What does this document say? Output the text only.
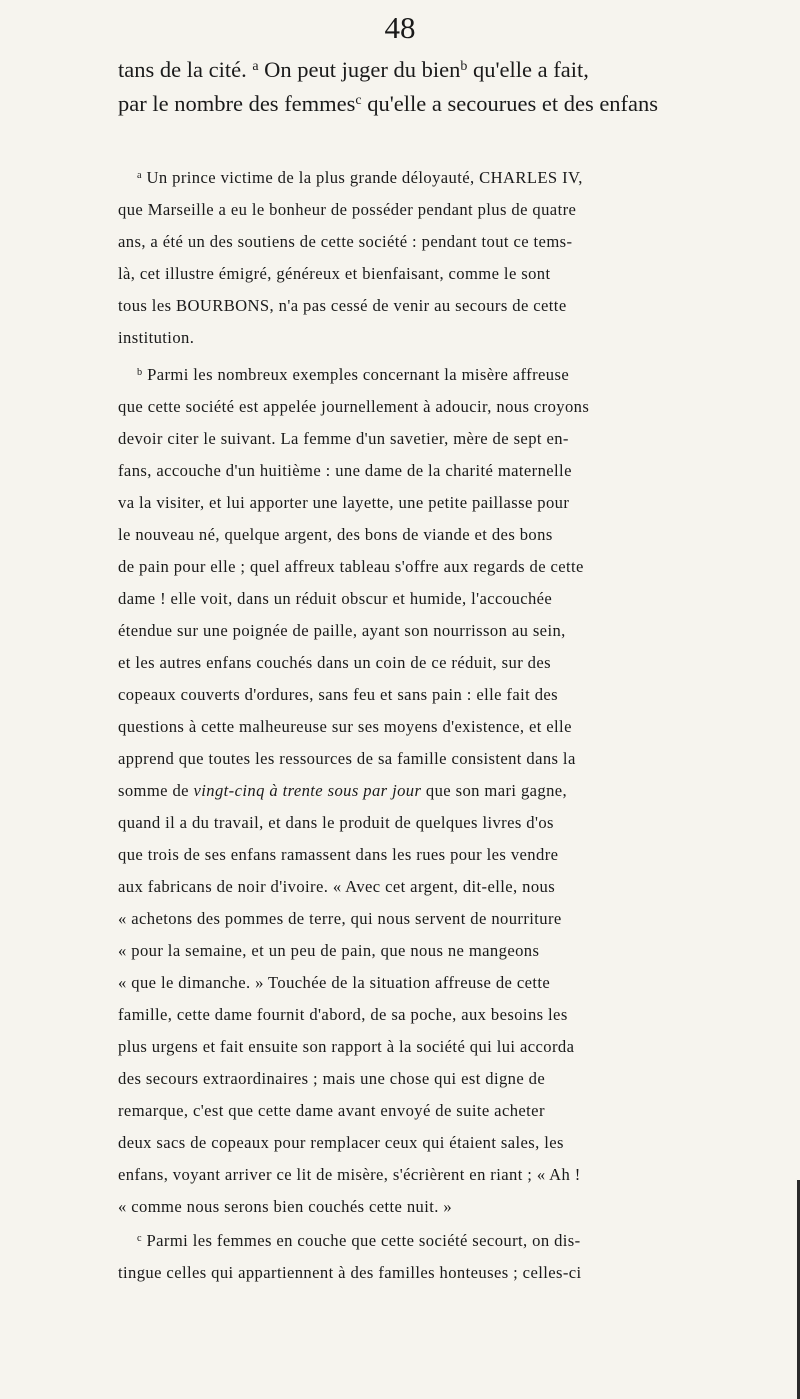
48
tans de la cité. $^a$ On peut juger du bien$^b$ qu'elle a fait,
par le nombre des femmes$^c$ qu'elle a secourues et des enfans
$^a$ Un prince victime de la plus grande déloyauté, CHARLES IV,
que Marseille a eu le bonheur de posséder pendant plus de quatre
ans, a été un des soutiens de cette société : pendant tout ce tems-
là, cet illustre émigré, généreux et bienfaisant, comme le sont
tous les BOURBONS, n'a pas cessé de venir au secours de cette
institution.
$^b$ Parmi les nombreux exemples concernant la misère affreuse
que cette société est appelée journellement à adoucir, nous croyons
devoir citer le suivant. La femme d'un savetier, mère de sept en-
fans, accouche d'un huitième : une dame de la charité maternelle
va la visiter, et lui apporter une layette, une petite paillasse pour
le nouveau né, quelque argent, des bons de viande et des bons
de pain pour elle ; quel affreux tableau s'offre aux regards de cette
dame ! elle voit, dans un réduit obscur et humide, l'accouchée
étendue sur une poignée de paille, ayant son nourrisson au sein,
et les autres enfans couchés dans un coin de ce réduit, sur des
copeaux couverts d'ordures, sans feu et sans pain : elle fait des
questions à cette malheureuse sur ses moyens d'existence, et elle
apprend que toutes les ressources de sa famille consistent dans la
somme de vingt-cinq à trente sous par jour que son mari gagne,
quand il a du travail, et dans le produit de quelques livres d'os
que trois de ses enfans ramassent dans les rues pour les vendre
aux fabricans de noir d'ivoire. « Avec cet argent, dit-elle, nous
« achetons des pommes de terre, qui nous servent de nourriture
« pour la semaine, et un peu de pain, que nous ne mangeons
« que le dimanche. » Touchée de la situation affreuse de cette
famille, cette dame fournit d'abord, de sa poche, aux besoins les
plus urgens et fait ensuite son rapport à la société qui lui accorda
des secours extraordinaires ; mais une chose qui est digne de
remarque, c'est que cette dame avant envoyé de suite acheter
deux sacs de copeaux pour remplacer ceux qui étaient sales, les
enfans, voyant arriver ce lit de misère, s'écrièrent en riant ; « Ah !
« comme nous serons bien couchés cette nuit. »
$^c$ Parmi les femmes en couche que cette société secourt, on dis-
tingue celles qui appartiennent à des familles honteuses ; celles-ci
